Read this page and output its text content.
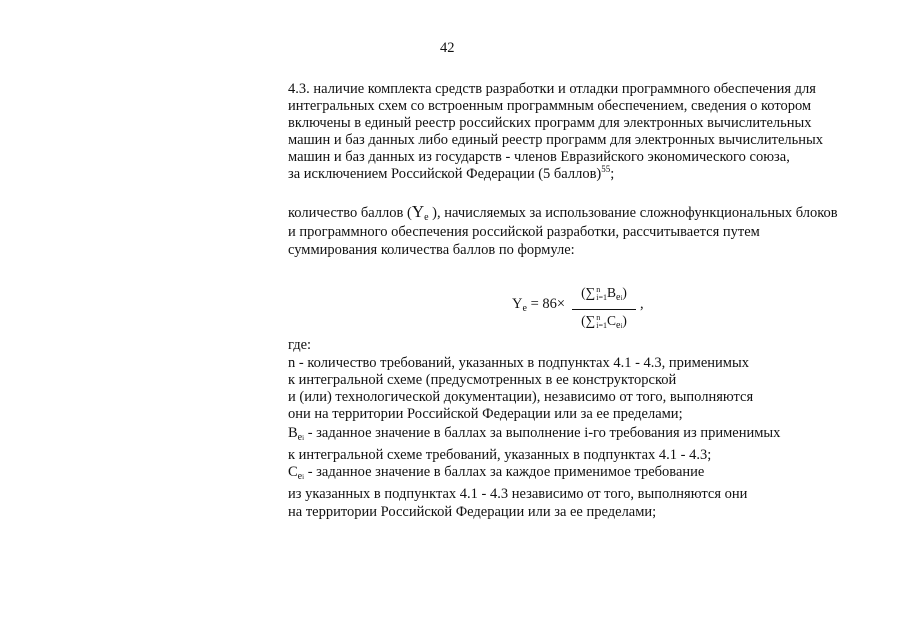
42
4.3. наличие комплекта средств разработки и отладки программного обеспечения для
интегральных схем со встроенным программным обеспечением, сведения о котором
включены в единый реестр российских программ для электронных вычислительных
машин и баз данных либо единый реестр программ для электронных вычислительных
машин и баз данных из государств - членов Евразийского экономического союза,
за исключением Российской Федерации (5 баллов)$^{55}$;
количество баллов ($Y_e$ ), начисляемых за использование сложнофункциональных блоков
и программного обеспечения российской разработки, рассчитывается путем
суммирования количества баллов по формуле:
$Y_e = 86\times$
(∑n
$i=1B_{ei}$)
(∑n
$i=1C_{ei}$)
,
где:
n - количество требований, указанных в подпунктах 4.1 - 4.3, применимых
к интегральной схеме (предусмотренных в ее конструкторской
и (или) технологической документации), независимо от того, выполняются
они на территории Российской Федерации или за ее пределами;
$B_{ei}$ - заданное значение в баллах за выполнение i-го требования из применимых
к интегральной схеме требований, указанных в подпунктах 4.1 - 4.3;
$C_{ei}$ - заданное значение в баллах за каждое применимое требование
из указанных в подпунктах 4.1 - 4.3 независимо от того, выполняются они
на территории Российской Федерации или за ее пределами;
